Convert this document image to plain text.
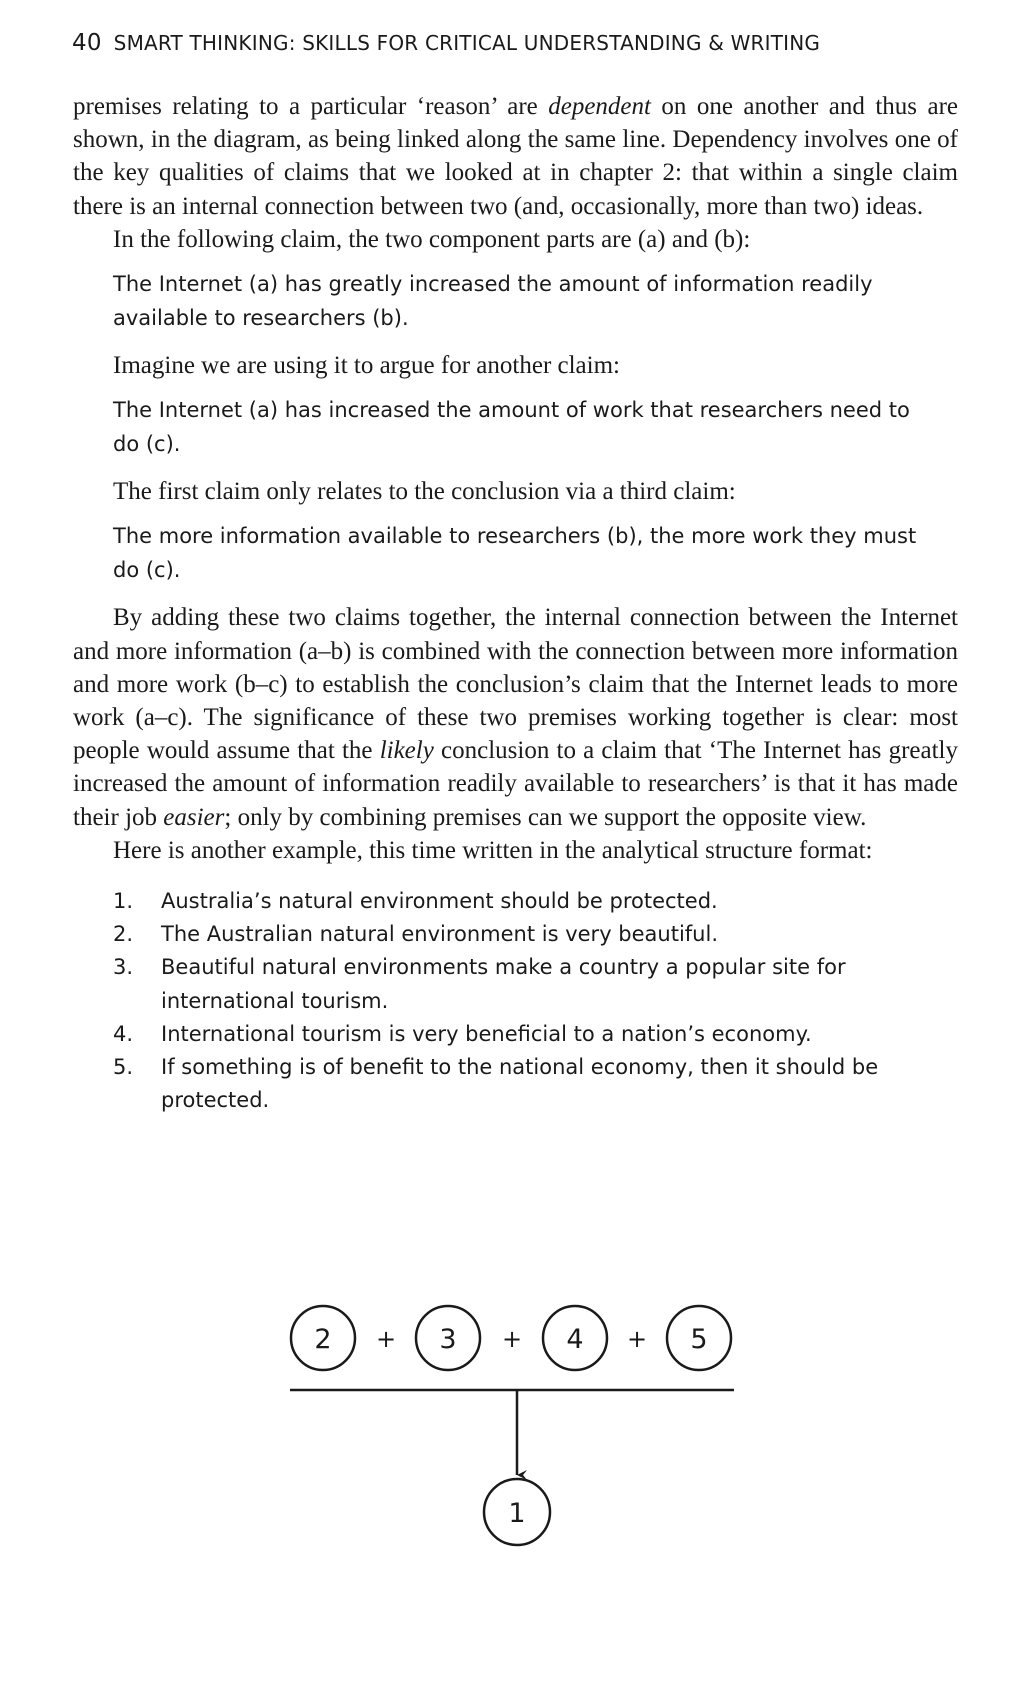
40 SMART THINKING: SKILLS FOR CRITICAL UNDERSTANDING & WRITING

premises relating to a particular ‘reason’ are dependent on one another and thus are shown, in the diagram, as being linked along the same line. Dependency involves one of the key qualities of claims that we looked at in chapter 2: that within a single claim there is an internal connection between two (and, occasionally, more than two) ideas.

In the following claim, the two component parts are (a) and (b):

The Internet (a) has greatly increased the amount of information readily available to researchers (b).

Imagine we are using it to argue for another claim:

The Internet (a) has increased the amount of work that researchers need to do (c).

The first claim only relates to the conclusion via a third claim:

The more information available to researchers (b), the more work they must do (c).

By adding these two claims together, the internal connection between the Internet and more information (a–b) is combined with the connection between more information and more work (b–c) to establish the conclusion’s claim that the Internet leads to more work (a–c). The significance of these two premises working together is clear: most people would assume that the likely conclusion to a claim that ‘The Internet has greatly increased the amount of information readily available to researchers’ is that it has made their job easier; only by combining premises can we support the opposite view.

Here is another example, this time written in the analytical structure format:

1.	Australia’s natural environment should be protected.
2.	The Australian natural environment is very beautiful.
3.	Beautiful natural environments make a country a popular site for international tourism.
4.	International tourism is very beneficial to a nation’s economy.
5.	If something is of benefit to the national economy, then it should be protected.
2 + 3 + 4 + 5
1
